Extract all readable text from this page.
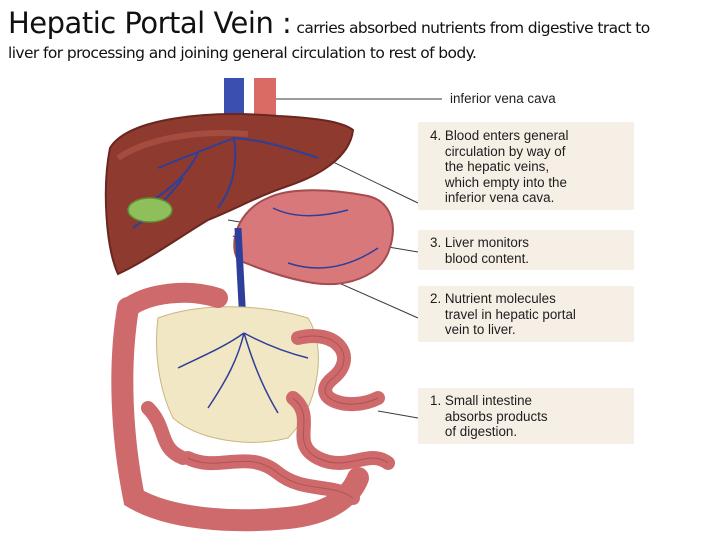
Hepatic Portal Vein : carries absorbed nutrients from digestive tract to
liver for processing and joining general circulation to rest of body.
inferior vena cava
4. Blood enters general
circulation by way of
the hepatic veins,
which empty into the
inferior vena cava.
3. Liver monitors
blood content.
2. Nutrient molecules
travel in hepatic portal
vein to liver.
1. Small intestine
absorbs products
of digestion.
